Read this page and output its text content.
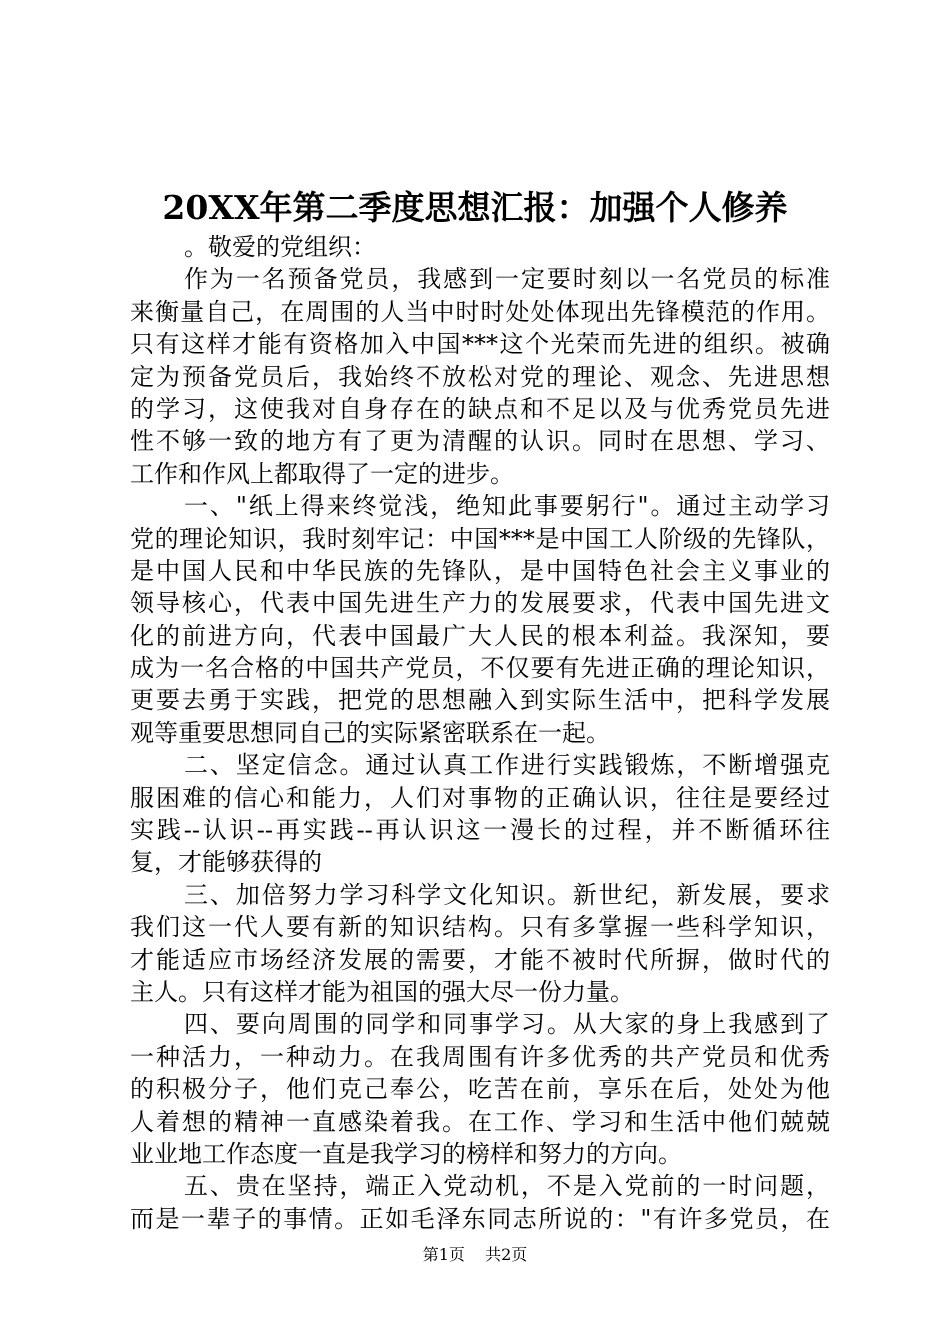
20XX年第二季度思想汇报：加强个人修养
。敬爱的党组织：
作为一名预备党员，我感到一定要时刻以一名党员的标准
来衡量自己，在周围的人当中时时处处体现出先锋模范的作用。
只有这样才能有资格加入中国***这个光荣而先进的组织。被确
定为预备党员后，我始终不放松对党的理论、观念、先进思想
的学习，这使我对自身存在的缺点和不足以及与优秀党员先进
性不够一致的地方有了更为清醒的认识。同时在思想、学习、
工作和作风上都取得了一定的进步。
一、"纸上得来终觉浅，绝知此事要躬行"。通过主动学习
党的理论知识，我时刻牢记：中国***是中国工人阶级的先锋队，
是中国人民和中华民族的先锋队，是中国特色社会主义事业的
领导核心，代表中国先进生产力的发展要求，代表中国先进文
化的前进方向，代表中国最广大人民的根本利益。我深知，要
成为一名合格的中国共产党员，不仅要有先进正确的理论知识，
更要去勇于实践，把党的思想融入到实际生活中，把科学发展
观等重要思想同自己的实际紧密联系在一起。
二、坚定信念。通过认真工作进行实践锻炼，不断增强克
服困难的信心和能力，人们对事物的正确认识，往往是要经过
实践--认识--再实践--再认识这一漫长的过程，并不断循环往
复，才能够获得的
三、加倍努力学习科学文化知识。新世纪，新发展，要求
我们这一代人要有新的知识结构。只有多掌握一些科学知识，
才能适应市场经济发展的需要，才能不被时代所摒，做时代的
主人。只有这样才能为祖国的强大尽一份力量。
四、要向周围的同学和同事学习。从大家的身上我感到了
一种活力，一种动力。在我周围有许多优秀的共产党员和优秀
的积极分子，他们克己奉公，吃苦在前，享乐在后，处处为他
人着想的精神一直感染着我。在工作、学习和生活中他们兢兢
业业地工作态度一直是我学习的榜样和努力的方向。
五、贵在坚持，端正入党动机，不是入党前的一时问题，
而是一辈子的事情。正如毛泽东同志所说的："有许多党员，在
第1页 共2页
